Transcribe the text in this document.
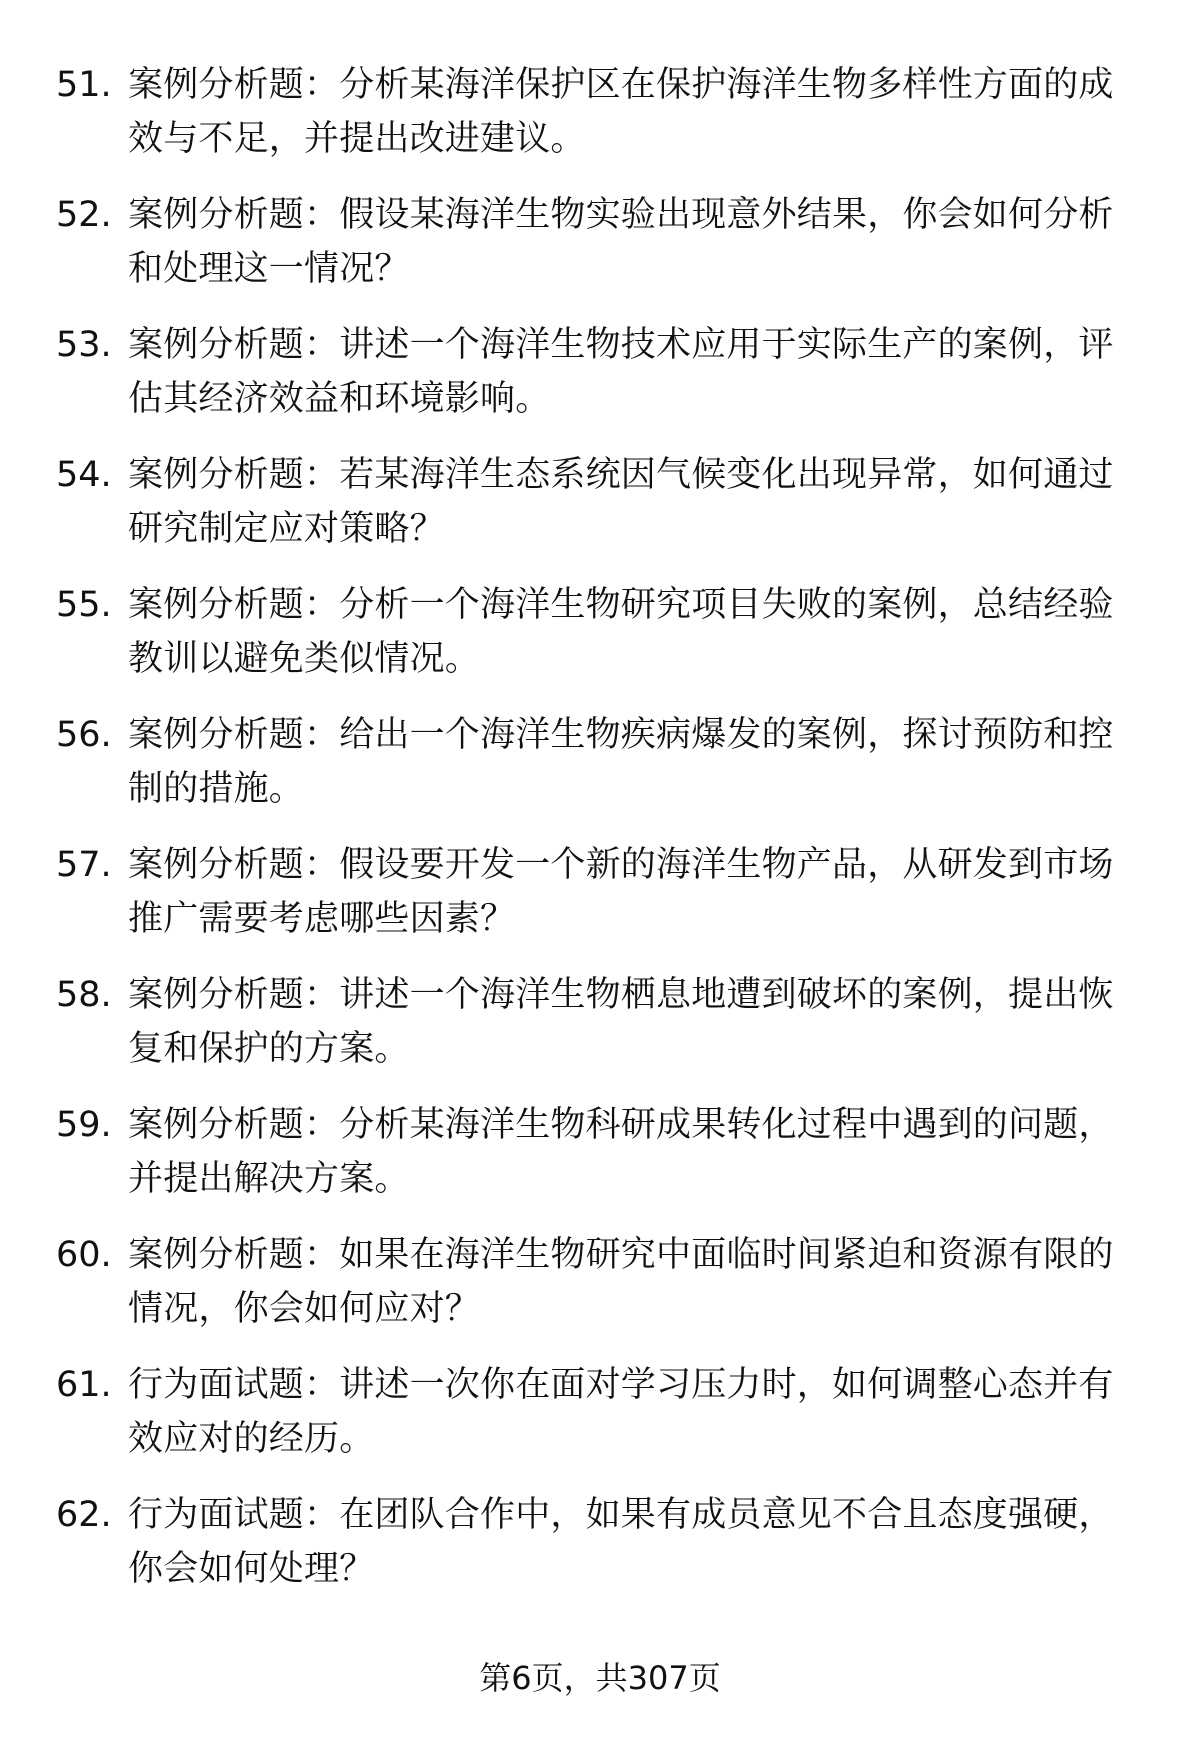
51. 案例分析题：分析某海洋保护区在保护海洋生物多样性方面的成效与不足，并提出改进建议。
52. 案例分析题：假设某海洋生物实验出现意外结果，你会如何分析和处理这一情况？
53. 案例分析题：讲述一个海洋生物技术应用于实际生产的案例，评估其经济效益和环境影响。
54. 案例分析题：若某海洋生态系统因气候变化出现异常，如何通过研究制定应对策略？
55. 案例分析题：分析一个海洋生物研究项目失败的案例，总结经验教训以避免类似情况。
56. 案例分析题：给出一个海洋生物疾病爆发的案例，探讨预防和控制的措施。
57. 案例分析题：假设要开发一个新的海洋生物产品，从研发到市场推广需要考虑哪些因素？
58. 案例分析题：讲述一个海洋生物栖息地遭到破坏的案例，提出恢复和保护的方案。
59. 案例分析题：分析某海洋生物科研成果转化过程中遇到的问题，并提出解决方案。
60. 案例分析题：如果在海洋生物研究中面临时间紧迫和资源有限的情况，你会如何应对？
61. 行为面试题：讲述一次你在面对学习压力时，如何调整心态并有效应对的经历。
62. 行为面试题：在团队合作中，如果有成员意见不合且态度强硬，你会如何处理？
第6页，共307页
